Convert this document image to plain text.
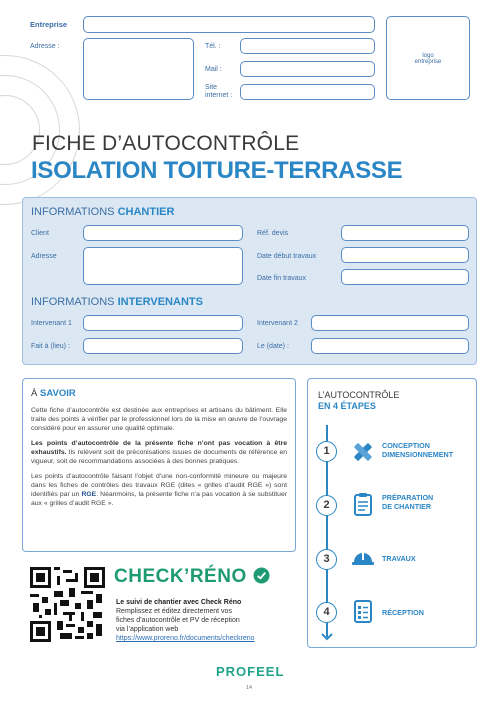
Entreprise
Adresse :	Tél. :
Mail :
Site
internet :
logo
entreprise
FICHE D’AUTOCONTRÔLE
ISOLATION TOITURE-TERRASSE
INFORMATIONS CHANTIER
Client	Réf. devis
Adresse	Date début travaux
Date fin travaux
INFORMATIONS INTERVENANTS
Intervenant 1	Intervenant 2
Fait à (lieu) :	Le (date) :
À SAVOIR

Cette fiche d’autocontrôle est destinée aux entreprises et artisans du bâtiment. Elle traite des points à vérifier par le professionnel lors de la mise en œuvre de l’ouvrage considéré pour en assurer une qualité optimale.

Les points d’autocontrôle de la présente fiche n’ont pas vocation à être exhaustifs. Ils relèvent soit de préconisations issues de documents de référence en vigueur, soit de recommandations associées à des bonnes pratiques.

Les points d’autocontrôle faisant l’objet d’une non-conformité mineure ou majeure dans les fiches de contrôles des travaux RGE (dites « grilles d’audit RGE ») sont identifiés par un RGE. Néanmoins, la présente fiche n’a pas vocation à se substituer aux « grilles d’audit RGE ».

L’AUTOCONTRÔLE
EN 4 ÉTAPES
1	CONCEPTION
DIMENSIONNEMENT
2
PRÉPARATION
DE CHANTIER
3	TRAVAUX
4	RÉCEPTION
CHECK’RÉNO
Le suivi de chantier avec Check Réno
Remplissez et éditez directement vos
fiches d’autocontrôle et PV de réception
via l’application web
https://www.proreno.fr/documents/checkreno
PROFEEL
14
